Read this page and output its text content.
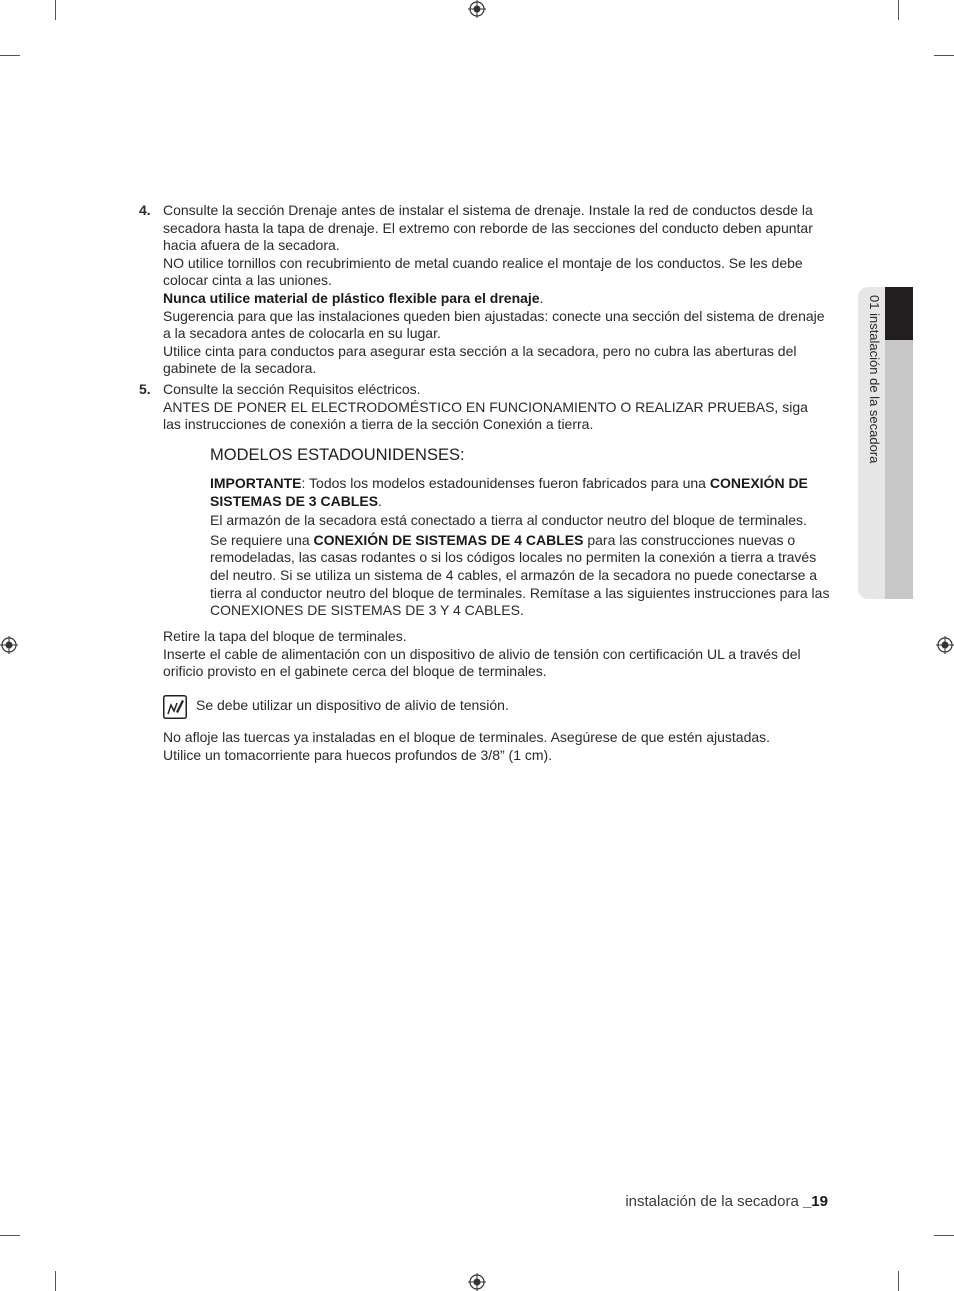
01 instalación de la secadora
4. Consulte la sección Drenaje antes de instalar el sistema de drenaje. Instale la red de conductos desde la secadora hasta la tapa de drenaje. El extremo con reborde de las secciones del conducto deben apuntar hacia afuera de la secadora.

NO utilice tornillos con recubrimiento de metal cuando realice el montaje de los conductos. Se les debe colocar cinta a las uniones.

Nunca utilice material de plástico flexible para el drenaje.

Sugerencia para que las instalaciones queden bien ajustadas: conecte una sección del sistema de drenaje a la secadora antes de colocarla en su lugar.

Utilice cinta para conductos para asegurar esta sección a la secadora, pero no cubra las aberturas del gabinete de la secadora.

5. Consulte la sección Requisitos eléctricos.

ANTES DE PONER EL ELECTRODOMÉSTICO EN FUNCIONAMIENTO O REALIZAR PRUEBAS, siga las instrucciones de conexión a tierra de la sección Conexión a tierra.

MODELOS ESTADOUNIDENSES:

IMPORTANTE: Todos los modelos estadounidenses fueron fabricados para una CONEXIÓN DE SISTEMAS DE 3 CABLES.

El armazón de la secadora está conectado a tierra al conductor neutro del bloque de terminales.

Se requiere una CONEXIÓN DE SISTEMAS DE 4 CABLES para las construcciones nuevas o remodeladas, las casas rodantes o si los códigos locales no permiten la conexión a tierra a través del neutro. Si se utiliza un sistema de 4 cables, el armazón de la secadora no puede conectarse a tierra al conductor neutro del bloque de terminales. Remítase a las siguientes instrucciones para las CONEXIONES DE SISTEMAS DE 3 Y 4 CABLES.

Retire la tapa del bloque de terminales.

Inserte el cable de alimentación con un dispositivo de alivio de tensión con certificación UL a través del orificio provisto en el gabinete cerca del bloque de terminales.

Se debe utilizar un dispositivo de alivio de tensión.

No afloje las tuercas ya instaladas en el bloque de terminales. Asegúrese de que estén ajustadas.

Utilice un tomacorriente para huecos profundos de 3/8” (1 cm).

instalación de la secadora _19
